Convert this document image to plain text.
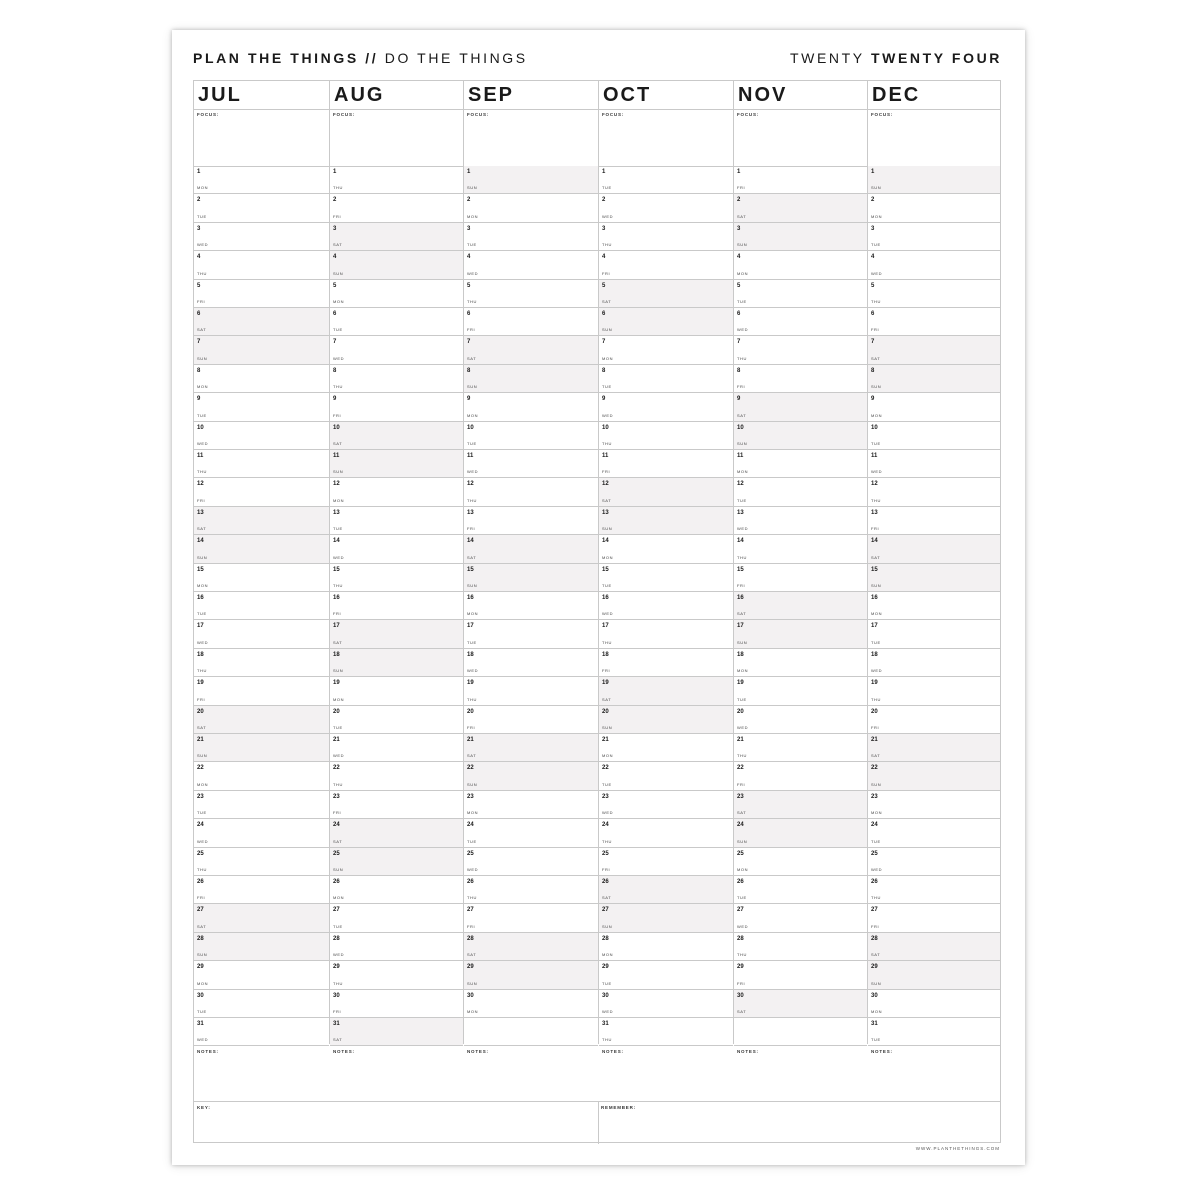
PLAN THE THINGS // DO THE THINGS	TWENTY TWENTY FOUR
DEC
FOCUS:
1
SUN
2
MON
3
TUE
4
WED
5
THU
6
FRI
7
SAT
8
SUN
9
MON
10
TUE
11
WED
12
THU
13
FRI
14
SAT
15
SUN
16
MON
17
TUE
18
WED
19
THU
20
FRI
21
SAT
22
SUN
23
MON
24
TUE
25
WED
26
THU
27
FRI
28
SAT
29
SUN
30
MON
31
TUE
NOTES:
NOV
FOCUS:
1
FRI
2
SAT
3
SUN
4
MON
5
TUE
6
WED
7
THU
8
FRI
9
SAT
10
SUN
11
MON
12
TUE
13
WED
14
THU
15
FRI
16
SAT
17
SUN
18
MON
19
TUE
20
WED
21
THU
22
FRI
23
SAT
24
SUN
25
MON
26
TUE
27
WED
28
THU
29
FRI
30
SAT
NOTES:
OCT
FOCUS:
1
TUE
2
WED
3
THU
4
FRI
5
SAT
6
SUN
7
MON
8
TUE
9
WED
10
THU
11
FRI
12
SAT
13
SUN
14
MON
15
TUE
16
WED
17
THU
18
FRI
19
SAT
20
SUN
21
MON
22
TUE
23
WED
24
THU
25
FRI
26
SAT
27
SUN
28
MON
29
TUE
30
WED
31
THU
NOTES:
SEP
FOCUS:
1
SUN
2
MON
3
TUE
4
WED
5
THU
6
FRI
7
SAT
8
SUN
9
MON
10
TUE
11
WED
12
THU
13
FRI
14
SAT
15
SUN
16
MON
17
TUE
18
WED
19
THU
20
FRI
21
SAT
22
SUN
23
MON
24
TUE
25
WED
26
THU
27
FRI
28
SAT
29
SUN
30
MON
NOTES:
AUG
FOCUS:
1
THU
2
FRI
3
SAT
4
SUN
5
MON
6
TUE
7
WED
8
THU
9
FRI
10
SAT
11
SUN
12
MON
13
TUE
14
WED
15
THU
16
FRI
17
SAT
18
SUN
19
MON
20
TUE
21
WED
22
THU
23
FRI
24
SAT
25
SUN
26
MON
27
TUE
28
WED
29
THU
30
FRI
31
SAT
NOTES:
JUL
FOCUS:
1
MON
2
TUE
3
WED
4
THU
5
FRI
6
SAT
7
SUN
8
MON
9
TUE
10
WED
11
THU
12
FRI
13
SAT
14
SUN
15
MON
16
TUE
17
WED
18
THU
19
FRI
20
SAT
21
SUN
22
MON
23
TUE
24
WED
25
THU
26
FRI
27
SAT
28
SUN
29
MON
30
TUE
31
WED
NOTES:
KEY:	REMEMBER:
WWW.PLANTHETHINGS.COM
